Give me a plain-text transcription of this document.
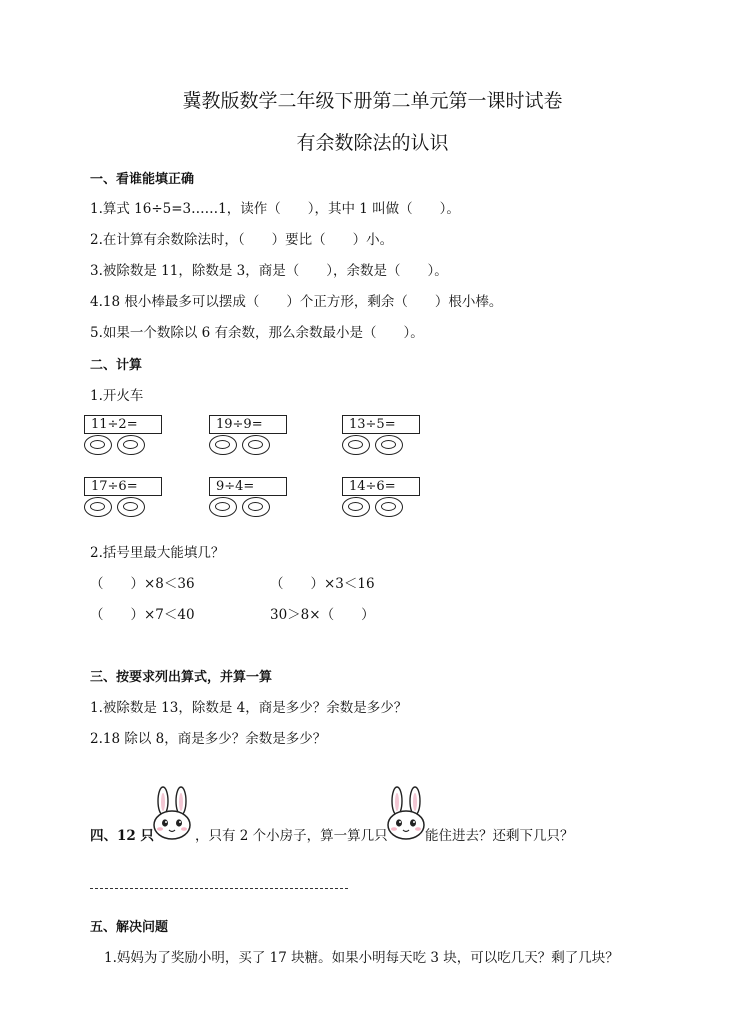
冀教版数学二年级下册第二单元第一课时试卷
有余数除法的认识
一、看谁能填正确
1.算式 16÷5=3……1，读作（　　），其中 1 叫做（　　）。
2.在计算有余数除法时，（　　）要比（　　）小。
3.被除数是 11，除数是 3，商是（　　），余数是（　　）。
4.18 根小棒最多可以摆成（　　）个正方形，剩余（　　）根小棒。
5.如果一个数除以 6 有余数，那么余数最小是（　　）。
二、计算
1.开火车
11÷2=	19÷9=	13÷5=
17÷6=	9÷4=	14÷6=
2.括号里最大能填几？
（　　）×8＜36	（　　）×3＜16
（　　）×7＜40	30＞8×（　　）
三、按要求列出算式，并算一算
1.被除数是 13，除数是 4，商是多少？余数是多少？
2.18 除以 8，商是多少？余数是多少？
四、12 只	，只有 2 个小房子，算一算几只	能住进去？还剩下几只？
五、解决问题
1.妈妈为了奖励小明，买了 17 块糖。如果小明每天吃 3 块，可以吃几天？剩了几块？
